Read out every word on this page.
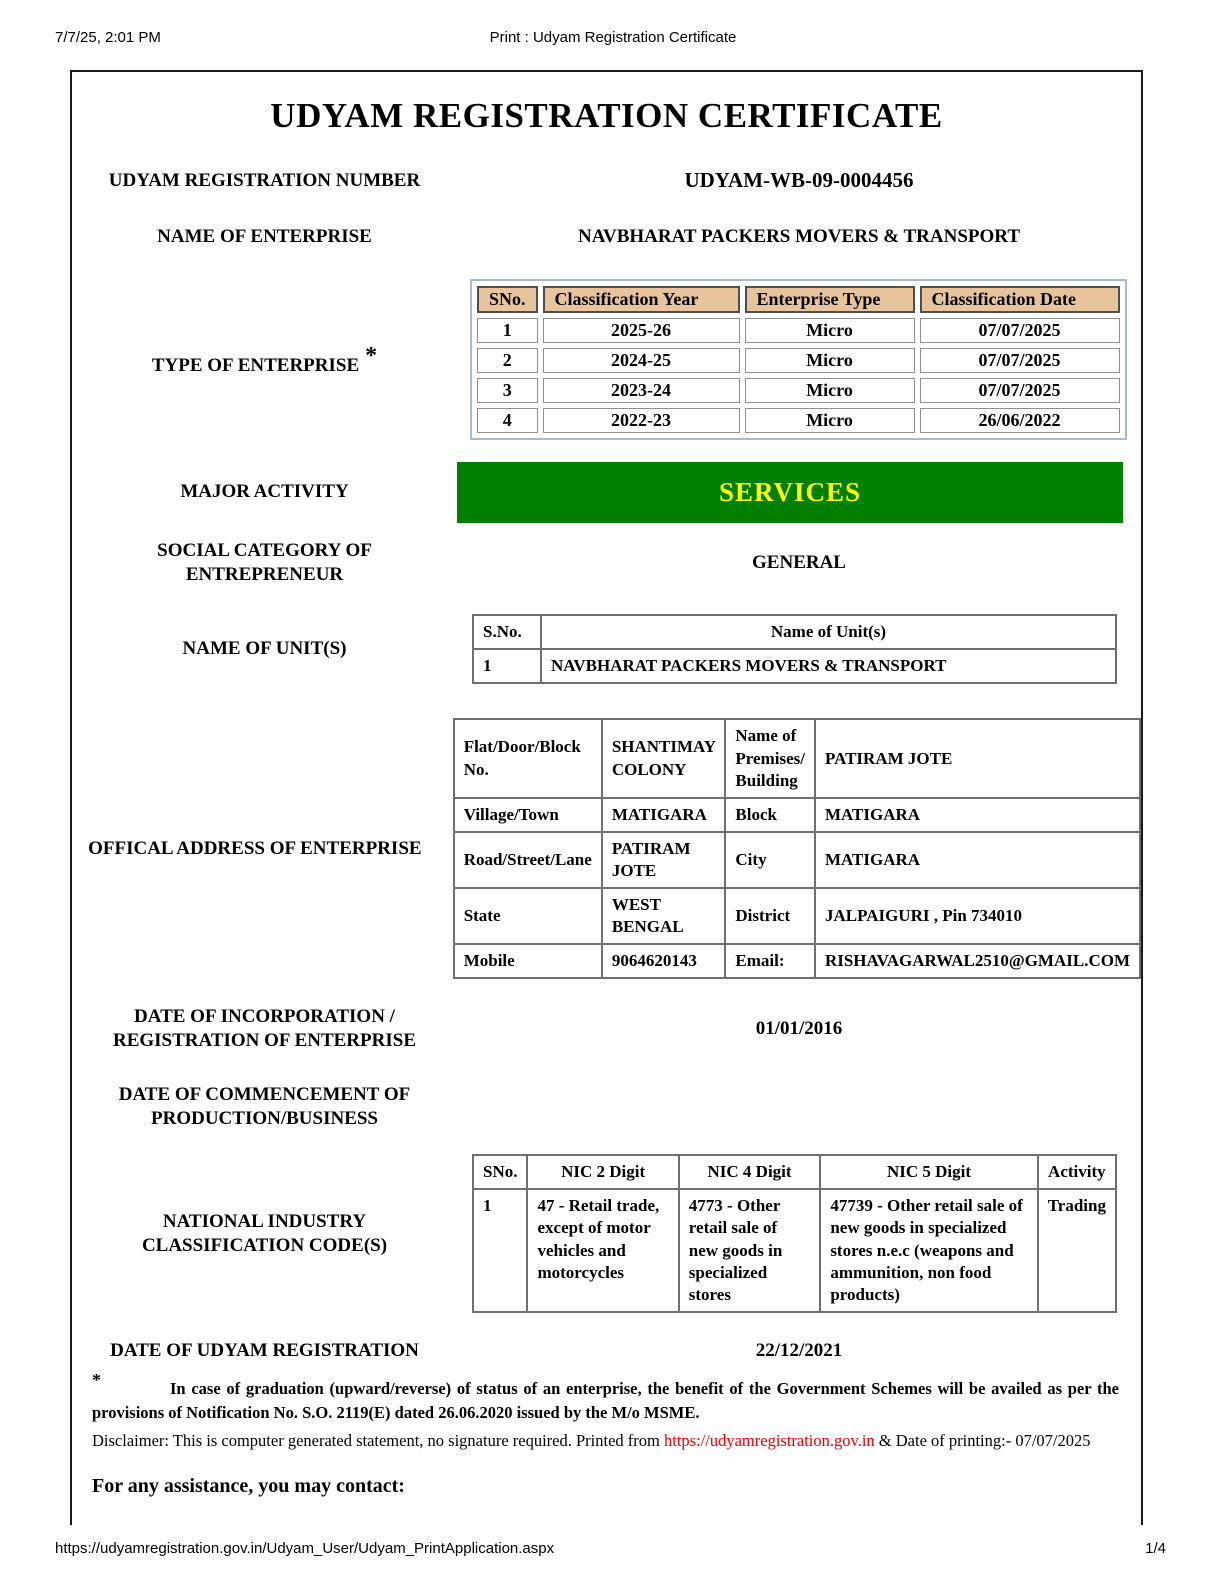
7/7/25, 2:01 PM	Print : Udyam Registration Certificate
UDYAM REGISTRATION CERTIFICATE
UDYAM REGISTRATION NUMBER	UDYAM-WB-09-0004456
NAME OF ENTERPRISE	NAVBHARAT PACKERS MOVERS & TRANSPORT
TYPE OF ENTERPRISE *
SNo.	Classification Year	Enterprise Type	Classification Date
1	2025-26	Micro	07/07/2025
2	2024-25	Micro	07/07/2025
3	2023-24	Micro	07/07/2025
4	2022-23	Micro	26/06/2022
MAJOR ACTIVITY	SERVICES
SOCIAL CATEGORY OF ENTREPRENEUR
GENERAL
NAME OF UNIT(S)
S.No.	Name of Unit(s)
1	NAVBHARAT PACKERS MOVERS & TRANSPORT
OFFICAL ADDRESS OF ENTERPRISE
Flat/Door/Block No.	SHANTIMAY COLONY	Name of Premises/ Building	PATIRAM JOTE
Village/Town	MATIGARA	Block	MATIGARA
Road/Street/Lane	PATIRAM JOTE	City	MATIGARA
State	WEST BENGAL	District	JALPAIGURI , Pin 734010
Mobile	9064620143	Email:	RISHAVAGARWAL2510@GMAIL.COM
DATE OF INCORPORATION / REGISTRATION OF ENTERPRISE
01/01/2016
DATE OF COMMENCEMENT OF PRODUCTION/BUSINESS
NATIONAL INDUSTRY CLASSIFICATION CODE(S)
SNo.	NIC 2 Digit	NIC 4 Digit	NIC 5 Digit	Activity
1	47 - Retail trade, except of motor vehicles and motorcycles	4773 - Other retail sale of new goods in specialized stores	47739 - Other retail sale of new goods in specialized stores n.e.c (weapons and ammunition, non food products)	Trading
DATE OF UDYAM REGISTRATION	22/12/2021
*	In case of graduation (upward/reverse) of status of an enterprise, the benefit of the Government Schemes will be availed as per the provisions of Notification No. S.O. 2119(E) dated 26.06.2020 issued by the M/o MSME.

Disclaimer: This is computer generated statement, no signature required. Printed from https://udyamregistration.gov.in & Date of printing:- 07/07/2025
For any assistance, you may contact:
https://udyamregistration.gov.in/Udyam_User/Udyam_PrintApplication.aspx	1/4
